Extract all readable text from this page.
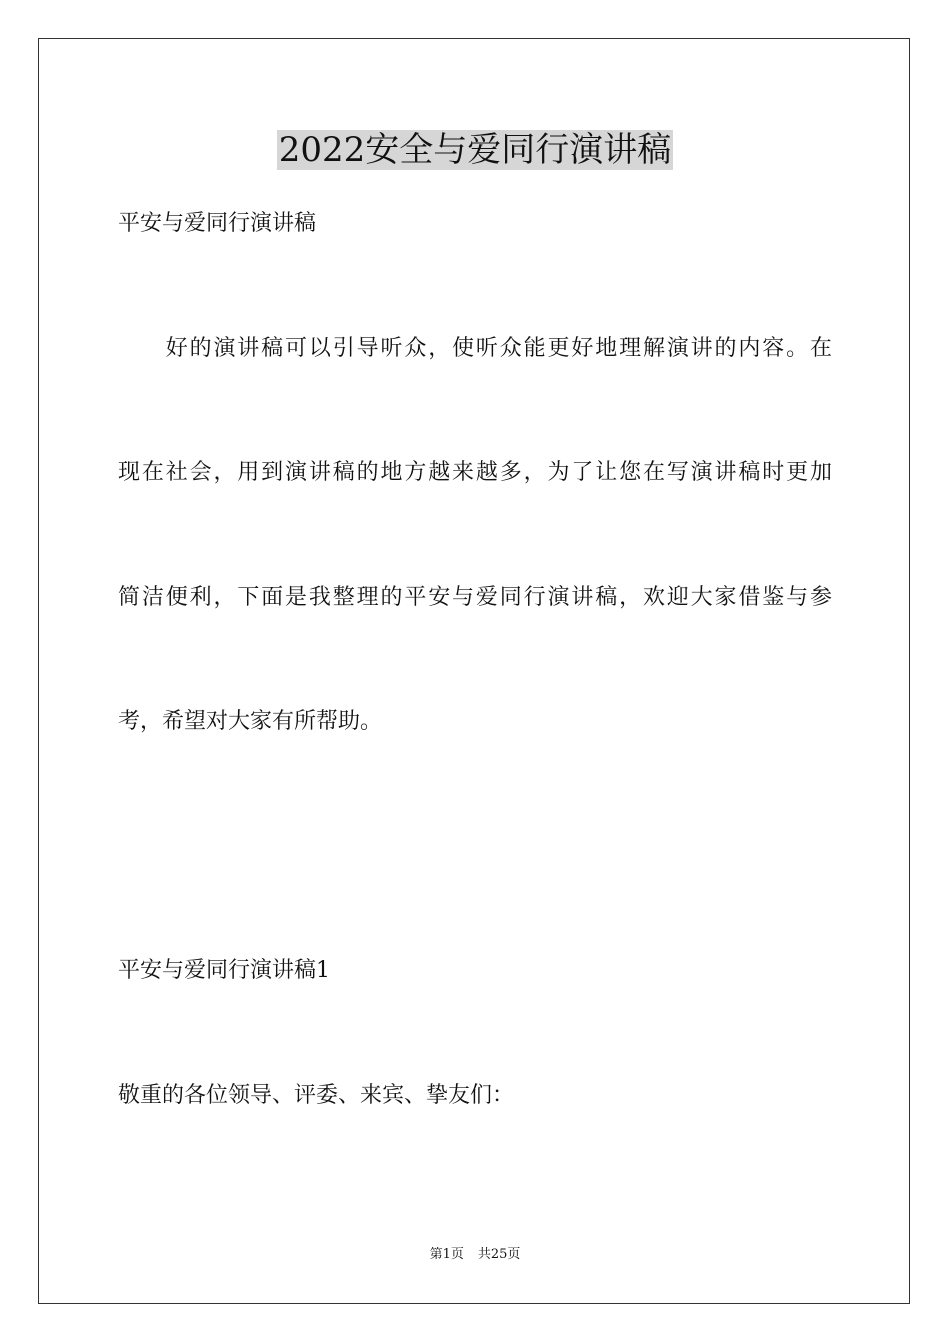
2022安全与爱同行演讲稿

平安与爱同行演讲稿

　　好的演讲稿可以引导听众，使听众能更好地理解演讲的内容。在

现在社会，用到演讲稿的地方越来越多，为了让您在写演讲稿时更加

简洁便利，下面是我整理的平安与爱同行演讲稿，欢迎大家借鉴与参

考，希望对大家有所帮助。

平安与爱同行演讲稿1

敬重的各位领导、评委、来宾、挚友们：

第1页 共25页
